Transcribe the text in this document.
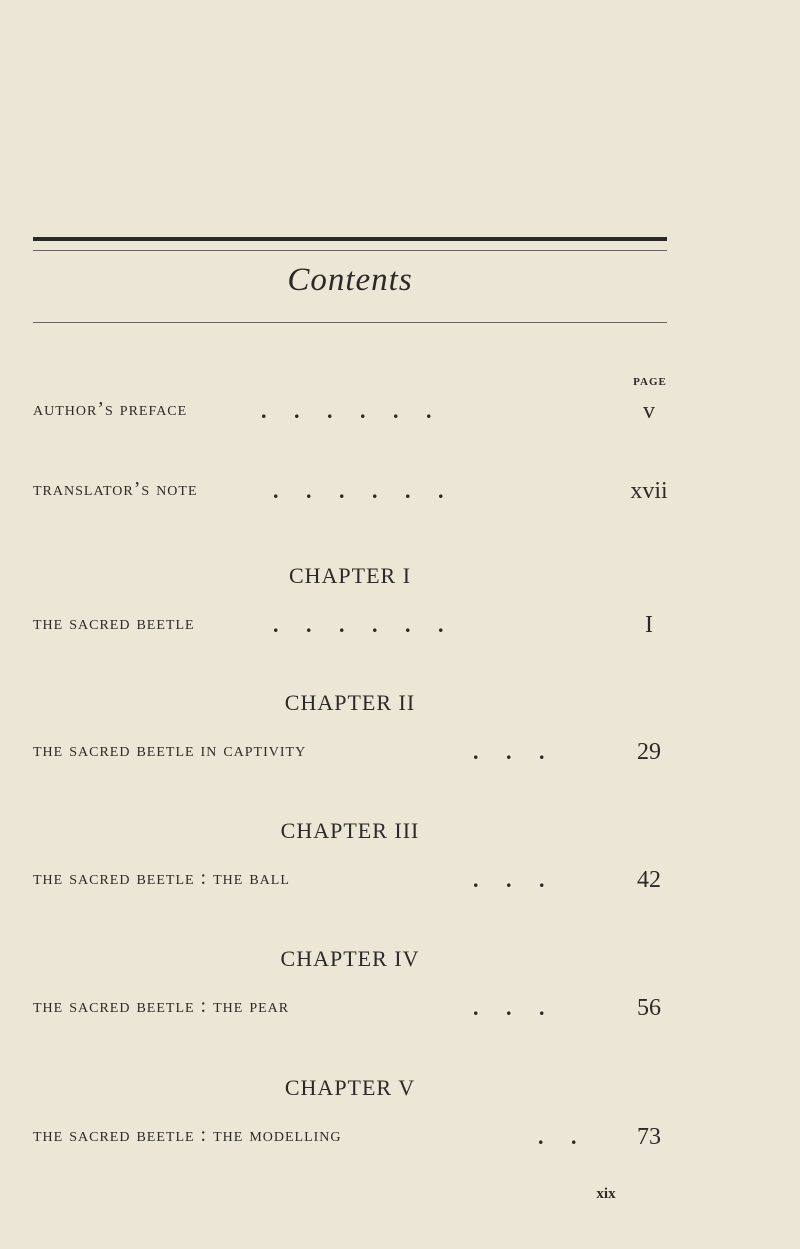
Contents
PAGE
author’s preface	.     .     .     .     .     .	v
translator’s note	.     .     .     .     .     .	xvii
CHAPTER I
the sacred beetle	.     .     .     .     .     .	I
CHAPTER II
the sacred beetle in captivity	.     .     .	29
CHAPTER III
the sacred beetle : the ball	.     .     .	42
CHAPTER IV
the sacred beetle : the pear	.     .     .	56
CHAPTER V
the sacred beetle : the modelling	.     .	73
xix
